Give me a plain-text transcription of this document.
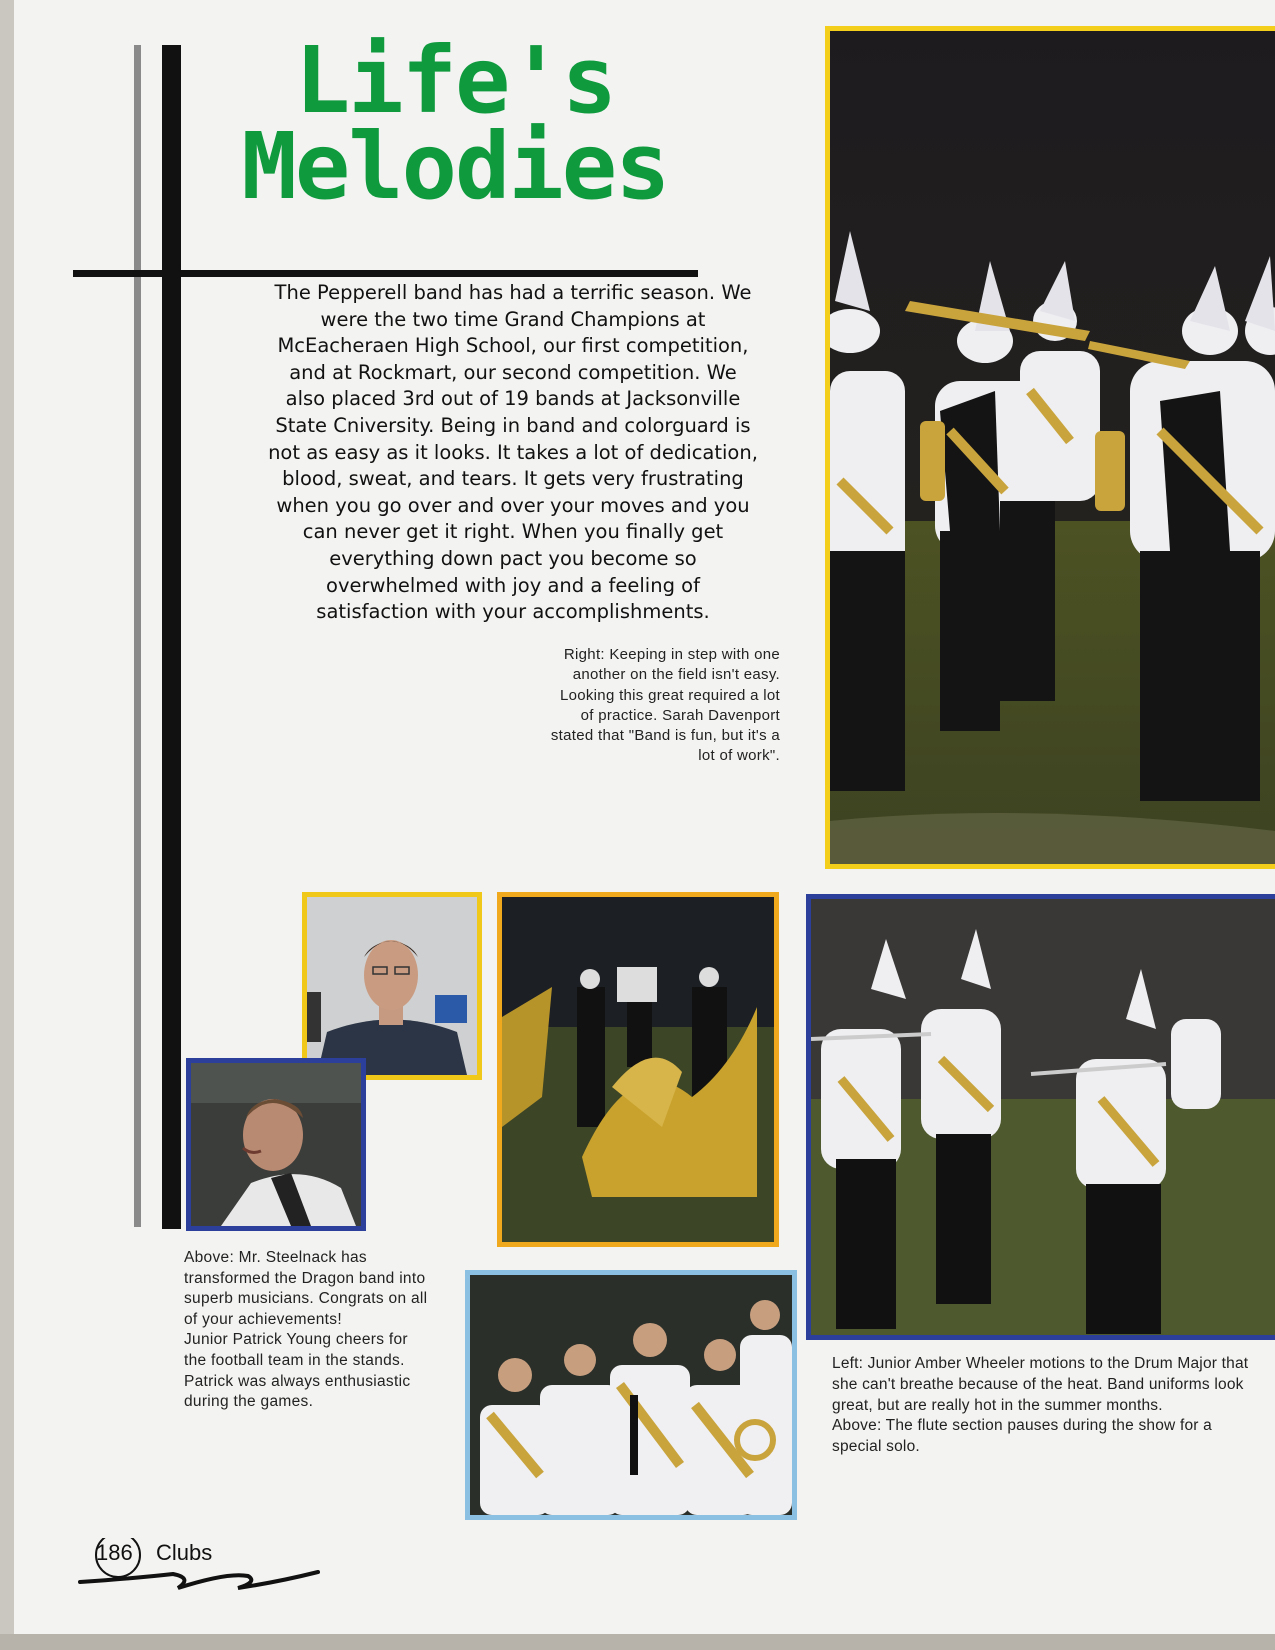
Life's
Melodies

The Pepperell band has had a terrific season. We were the two time Grand Champions at McEacheraen High School, our first competition, and at Rockmart, our second competition. We also placed 3rd out of 19 bands at Jacksonville State Cniversity. Being in band and colorguard is not as easy as it looks. It takes a lot of dedication, blood, sweat, and tears. It gets very frustrating when you go over and over your moves and you can never get it right. When you finally get everything down pact you become so overwhelmed with joy and a feeling of satisfaction with your accomplishments.

Right: Keeping in step with one another on the field isn't easy. Looking this great required a lot of practice. Sarah Davenport stated that "Band is fun, but it's a lot of work".
Above: Mr. Steelnack has transformed the Dragon band into superb musicians. Congrats on all of your achievements!
Junior Patrick Young cheers for the football team in the stands. Patrick was always enthusiastic during the games.
Left: Junior Amber Wheeler motions to the Drum Major that she can't breathe because of the heat. Band uniforms look great, but are really hot in the summer months.
Above: The flute section pauses during the show for a special solo.
186 Clubs
